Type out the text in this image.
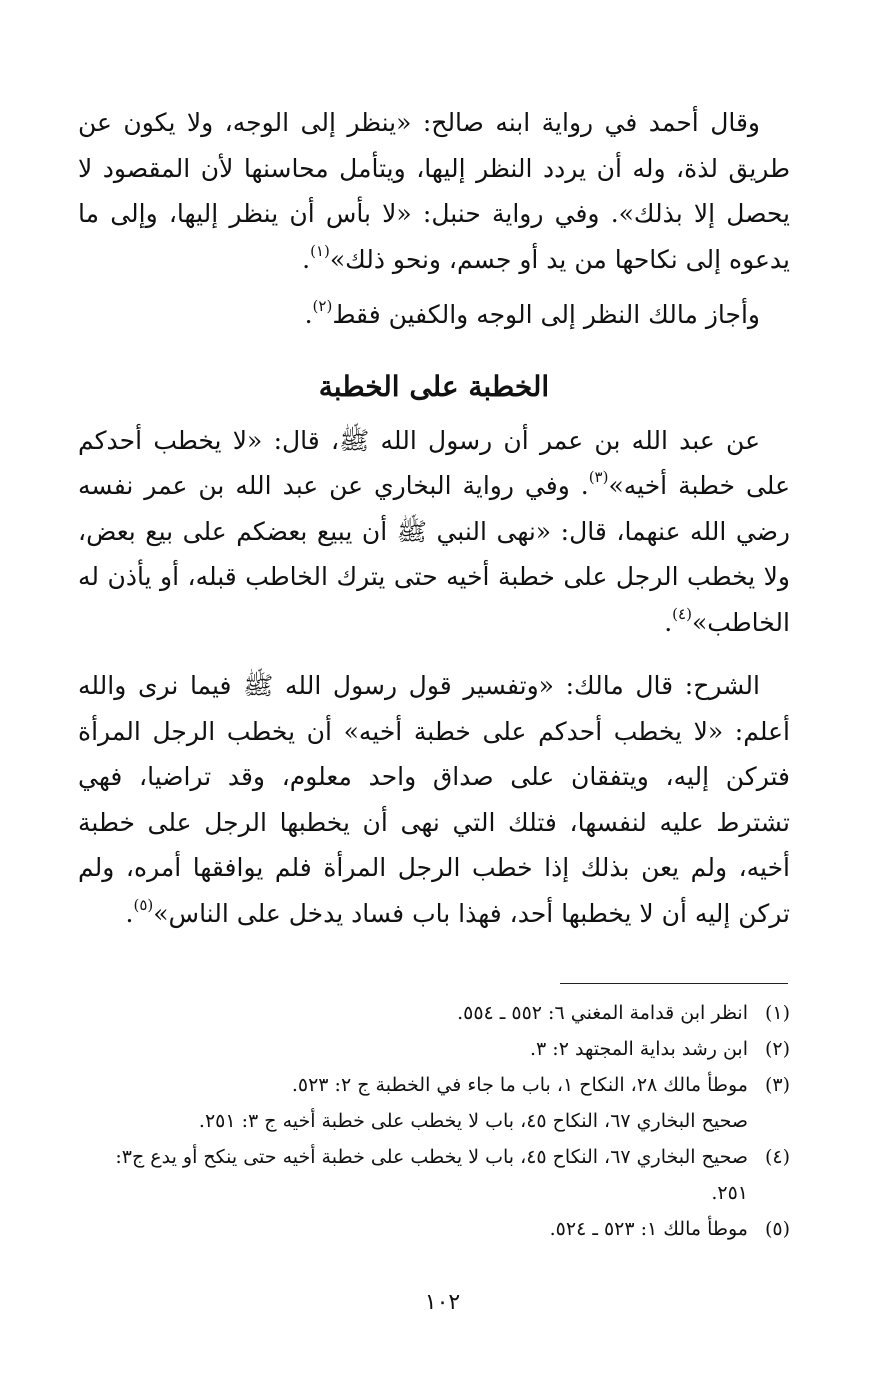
وقال أحمد في رواية ابنه صالح: «ينظر إلى الوجه، ولا يكون عن طريق لذة، وله أن يردد النظر إليها، ويتأمل محاسنها لأن المقصود لا يحصل إلا بذلك». وفي رواية حنبل: «لا بأس أن ينظر إليها، وإلى ما يدعوه إلى نكاحها من يد أو جسم، ونحو ذلك»$^{(١)}$.

وأجاز مالك النظر إلى الوجه والكفين فقط$^{(٢)}$.

الخطبة على الخطبة

عن عبد الله بن عمر أن رسول الله ﷺ، قال: «لا يخطب أحدكم على خطبة أخيه»$^{(٣)}$. وفي رواية البخاري عن عبد الله بن عمر نفسه رضي الله عنهما، قال: «نهى النبي ﷺ أن يبيع بعضكم على بيع بعض، ولا يخطب الرجل على خطبة أخيه حتى يترك الخاطب قبله، أو يأذن له الخاطب»$^{(٤)}$.

الشرح: قال مالك: «وتفسير قول رسول الله ﷺ فيما نرى والله أعلم: «لا يخطب أحدكم على خطبة أخيه» أن يخطب الرجل المرأة فتركن إليه، ويتفقان على صداق واحد معلوم، وقد تراضيا، فهي تشترط عليه لنفسها، فتلك التي نهى أن يخطبها الرجل على خطبة أخيه، ولم يعن بذلك إذا خطب الرجل المرأة فلم يوافقها أمره، ولم تركن إليه أن لا يخطبها أحد، فهذا باب فساد يدخل على الناس»$^{(٥)}$.

(١)
انظر ابن قدامة المغني ٦: ٥٥٢ ـ ٥٥٤.
(٢)
ابن رشد بداية المجتهد ٢: ٣.
(٣)
موطأ مالك ٢٨، النكاح ١، باب ما جاء في الخطبة ج ٢: ٥٢٣.
صحيح البخاري ٦٧، النكاح ٤٥، باب لا يخطب على خطبة أخيه ج ٣: ٢٥١.
(٤)
صحيح البخاري ٦٧، النكاح ٤٥، باب لا يخطب على خطبة أخيه حتى ينكح أو يدع ج٣: ٢٥١.
(٥)
موطأ مالك ١: ٥٢٣ ـ ٥٢٤.
١٠٢
